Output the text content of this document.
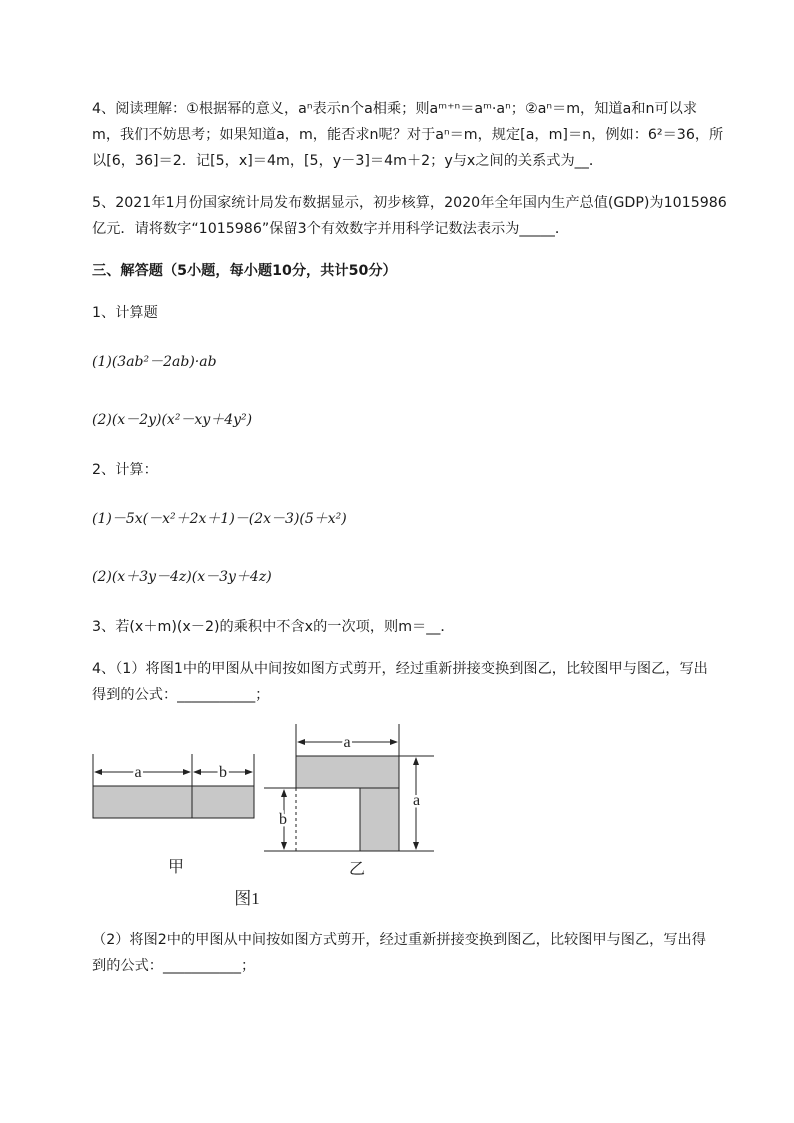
4、阅读理解：①根据幂的意义，aⁿ表示n个a相乘；则aᵐ⁺ⁿ＝aᵐ·aⁿ；②aⁿ＝m，知道a和n可以求
m，我们不妨思考；如果知道a，m，能否求n呢？对于aⁿ＝m，规定[a，m]＝n，例如：6²＝36，所
以[6，36]＝2．记[5，x]＝4m，[5，y－3]＝4m＋2；y与x之间的关系式为__．
5、2021年1月份国家统计局发布数据显示，初步核算，2020年全年国内生产总值(GDP)为1015986
亿元．请将数字“1015986”保留3个有效数字并用科学记数法表示为_____．
三、解答题（5小题，每小题10分，共计50分）
1、计算题
(1)(3ab²－2ab)·ab
(2)(x－2y)(x²－xy＋4y²)
2、计算：
(1)－5x(－x²＋2x＋1)－(2x－3)(5＋x²)
(2)(x＋3y－4z)(x－3y＋4z)
3、若(x＋m)(x－2)的乘积中不含x的一次项，则m＝__．
4、（1）将图1中的甲图从中间按如图方式剪开，经过重新拼接变换到图乙，比较图甲与图乙，写出
得到的公式：___________；
a	b
甲
a
a
b
乙
图1
（2）将图2中的甲图从中间按如图方式剪开，经过重新拼接变换到图乙，比较图甲与图乙，写出得
到的公式：___________；
